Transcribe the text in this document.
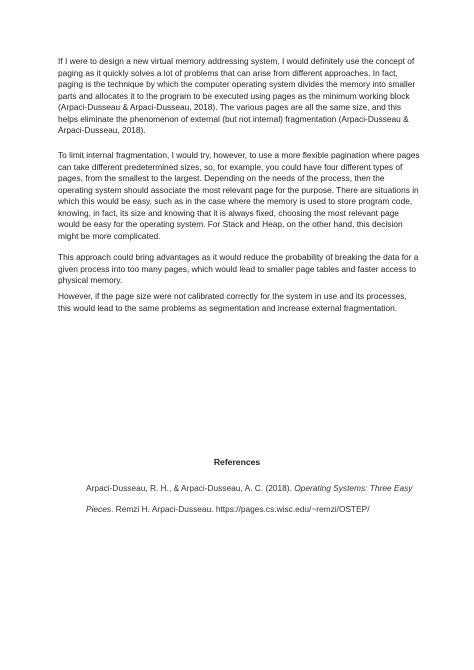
If I were to design a new virtual memory addressing system, I would definitely use the concept of paging as it quickly solves a lot of problems that can arise from different approaches. In fact, paging is the technique by which the computer operating system divides the memory into smaller parts and allocates it to the program to be executed using pages as the minimum working block (Arpaci-Dusseau & Arpaci-Dusseau, 2018). The various pages are all the same size, and this helps eliminate the phenomenon of external (but not internal) fragmentation (Arpaci-Dusseau & Arpaci-Dusseau, 2018).

To limit internal fragmentation, I would try, however, to use a more flexible pagination where pages can take different predetermined sizes, so, for example, you could have four different types of pages, from the smallest to the largest. Depending on the needs of the process, then the operating system should associate the most relevant page for the purpose. There are situations in which this would be easy, such as in the case where the memory is used to store program code, knowing, in fact, its size and knowing that it is always fixed, choosing the most relevant page would be easy for the operating system. For Stack and Heap, on the other hand, this decision might be more complicated.

This approach could bring advantages as it would reduce the probability of breaking the data for a given process into too many pages, which would lead to smaller page tables and faster access to physical memory.

However, if the page size were not calibrated correctly for the system in use and its processes, this would lead to the same problems as segmentation and increase external fragmentation.

References

Arpaci-Dusseau, R. H., & Arpaci-Dusseau, A. C. (2018). Operating Systems: Three Easy Pieces. Remzi H. Arpaci-Dusseau. https://pages.cs.wisc.edu/~remzi/OSTEP/
